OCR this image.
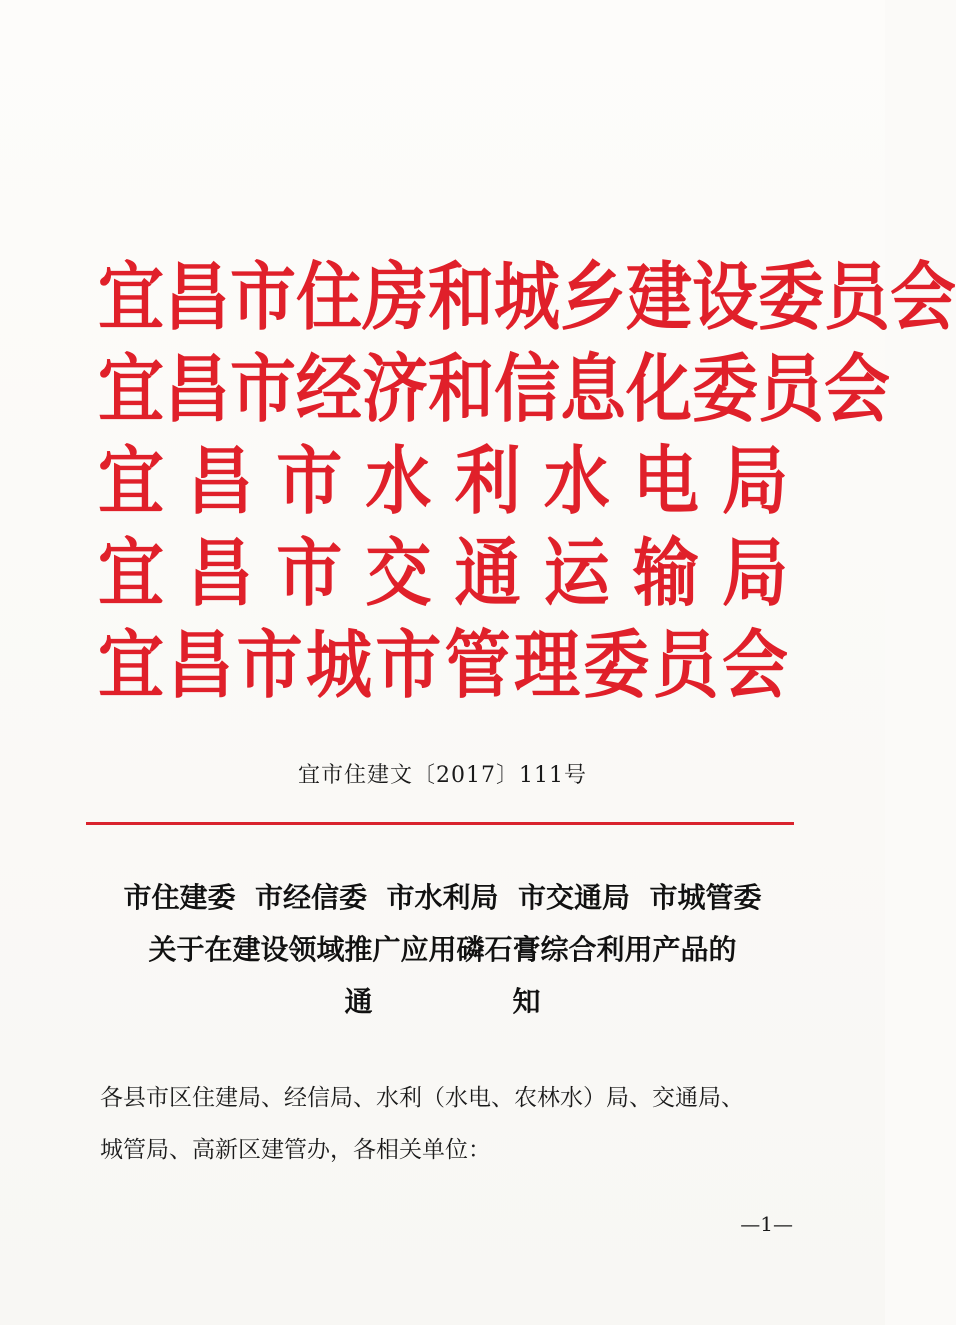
宜 昌 市 住 房 和 城 乡 建 设 委 员 会
宜 昌 市 经 济 和 信 息 化 委 员 会
宜 昌 市 水 利 水 电 局
宜 昌 市 交 通 运 输 局
宜 昌 市 城 市 管 理 委 员 会
宜市住建文〔2017〕111号
市住建委  市经信委  市水利局  市交通局  市城管委
关于在建设领域推广应用磷石膏综合利用产品的
通	知

各县市区住建局、经信局、水利（水电、农林水）局、交通局、

城管局、高新区建管办，各相关单位：

—1—
